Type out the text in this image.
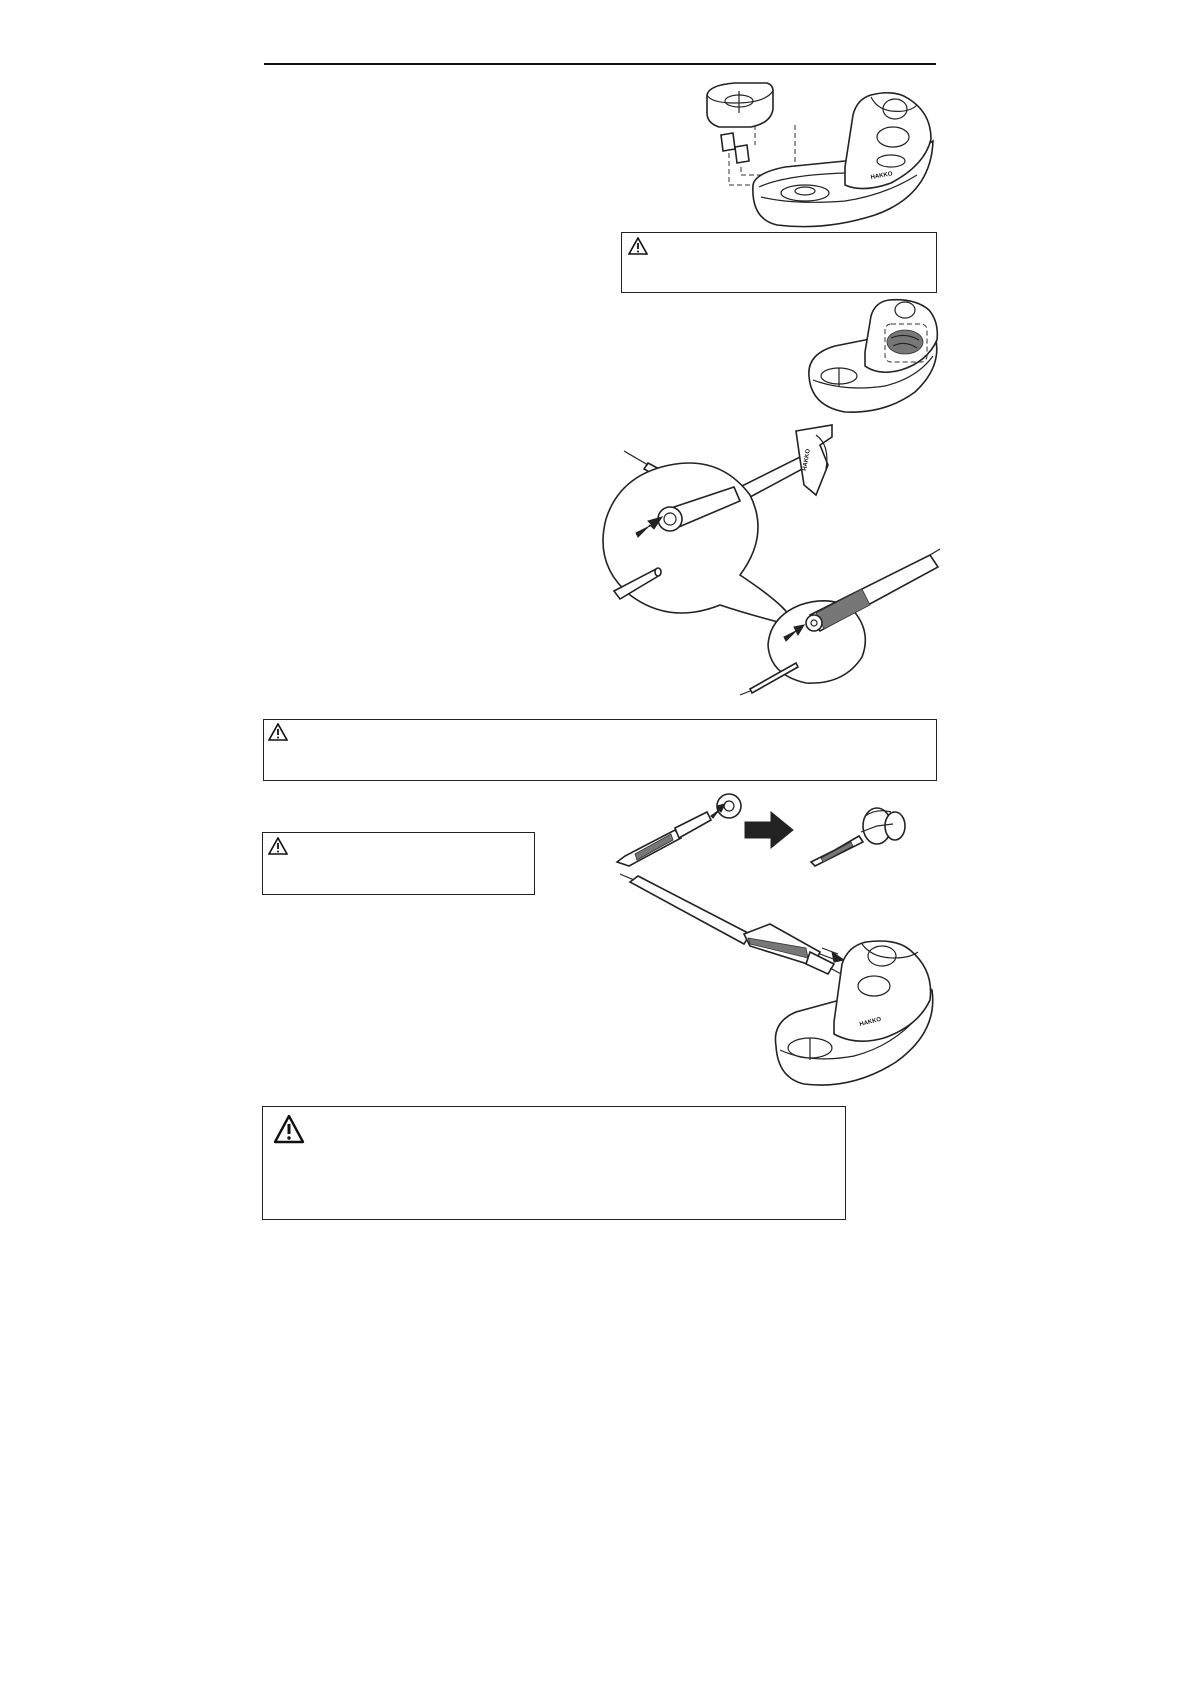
HAKKO
HAKKO
HAKKO
